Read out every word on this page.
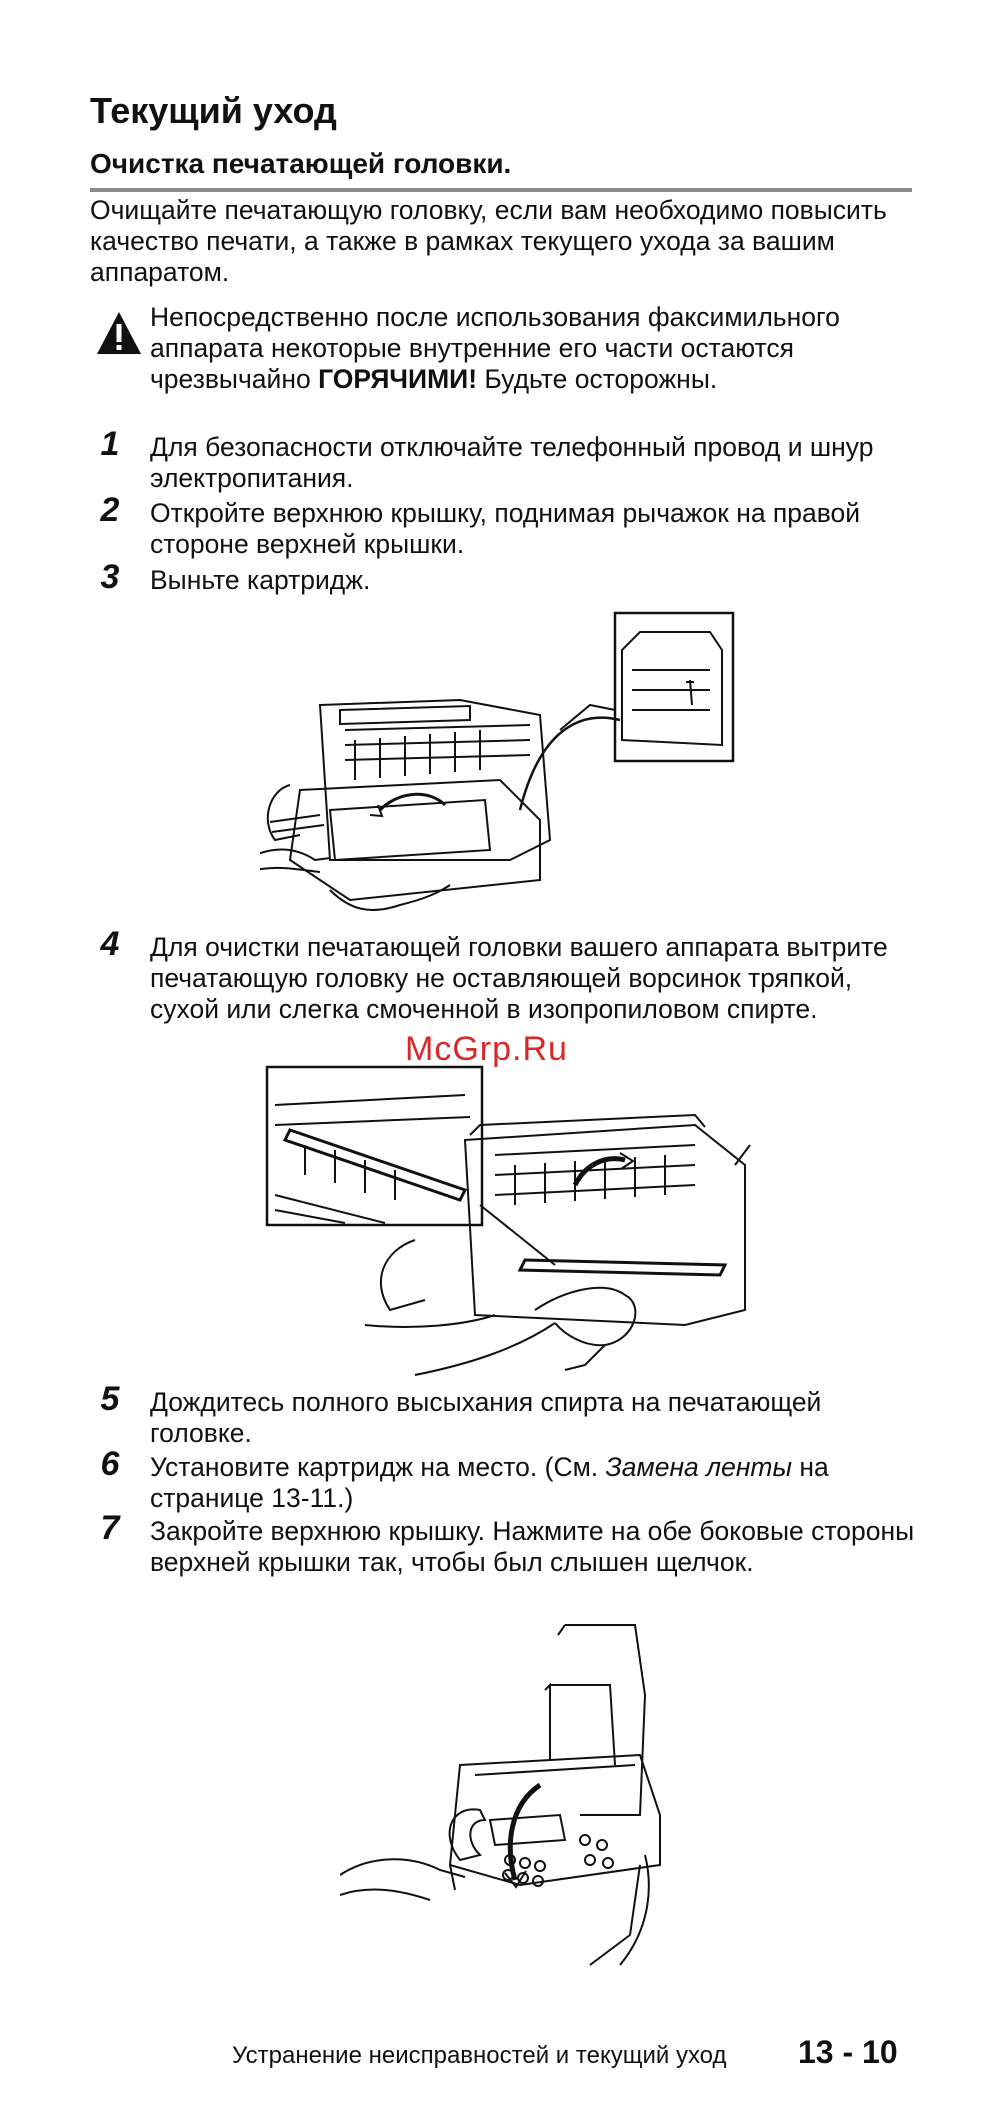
Текущий уход
Очистка печатающей головки.

Очищайте печатающую головку, если вам необходимо повысить качество печати, а также в рамках текущего ухода за вашим аппаратом.

Непосредственно после использования факсимильного аппарата некоторые внутренние его части остаются чрезвычайно ГОРЯЧИМИ! Будьте осторожны.

1	Для безопасности отключайте телефонный провод и шнур электропитания.

2	Откройте верхнюю крышку, поднимая рычажок на правой стороне верхней крышки.

3	Выньте картридж.

4	Для очистки печатающей головки вашего аппарата вытрите печатающую головку не оставляющей ворсинок тряпкой, сухой или слегка смоченной в изопропиловом спирте.

McGrp.Ru
5	Дождитесь полного высыхания спирта на печатающей головке.

6	Установите картридж на место. (См. Замена ленты на странице 13-11.)

7	Закройте верхнюю крышку. Нажмите на обе боковые стороны верхней крышки так, чтобы был слышен щелчок.

Устранение неисправностей и текущий уход 13 - 10
